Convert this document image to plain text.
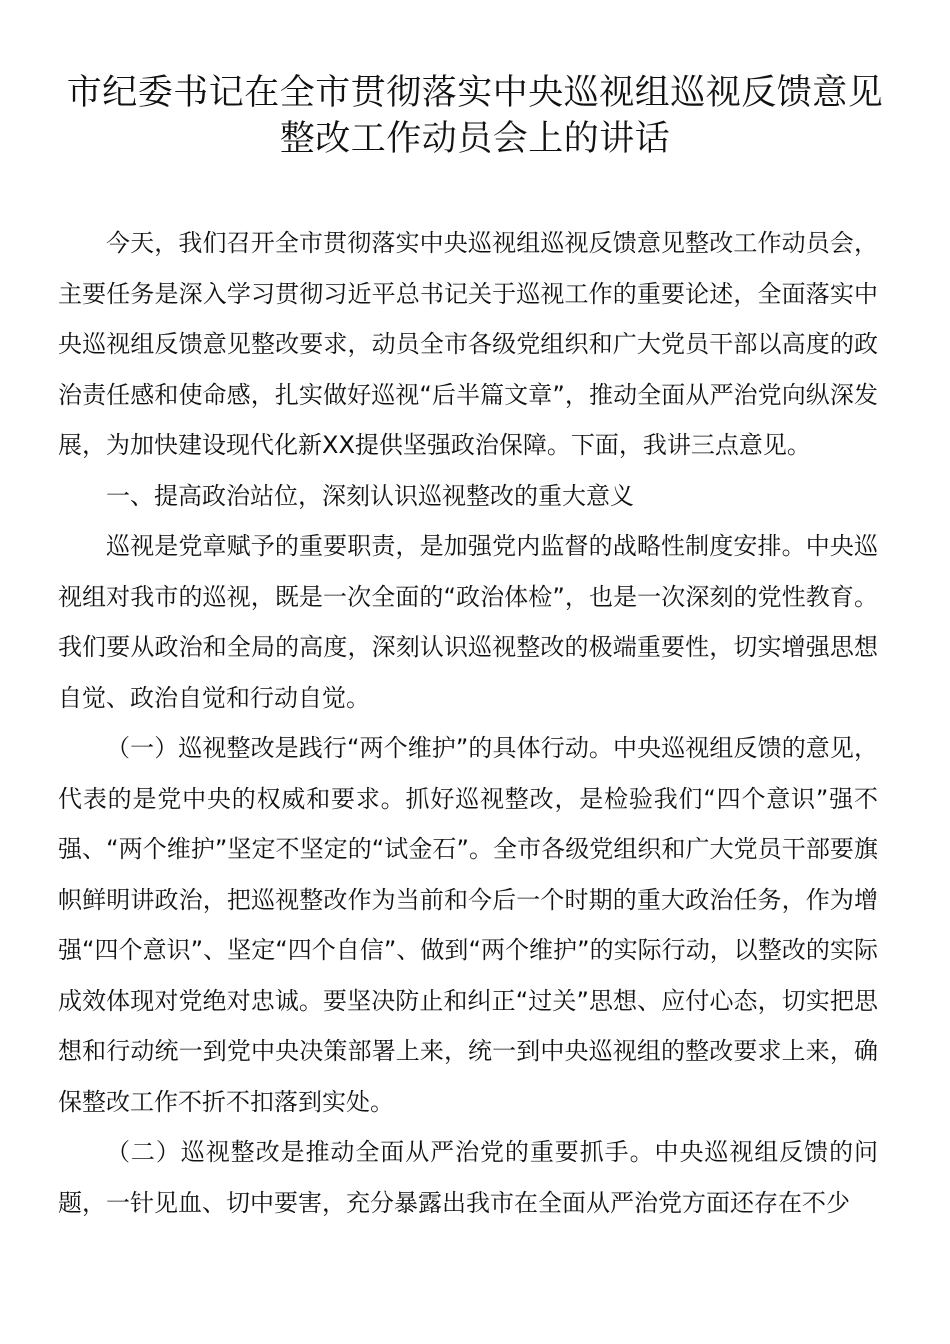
市纪委书记在全市贯彻落实中央巡视组巡视反馈意见
整改工作动员会上的讲话

今天，我们召开全市贯彻落实中央巡视组巡视反馈意见整改工作动员会，主要任务是深入学习贯彻习近平总书记关于巡视工作的重要论述，全面落实中央巡视组反馈意见整改要求，动员全市各级党组织和广大党员干部以高度的政治责任感和使命感，扎实做好巡视“后半篇文章”，推动全面从严治党向纵深发展，为加快建设现代化新XX提供坚强政治保障。下面，我讲三点意见。

一、提高政治站位，深刻认识巡视整改的重大意义

巡视是党章赋予的重要职责，是加强党内监督的战略性制度安排。中央巡视组对我市的巡视，既是一次全面的“政治体检”，也是一次深刻的党性教育。我们要从政治和全局的高度，深刻认识巡视整改的极端重要性，切实增强思想自觉、政治自觉和行动自觉。

（一）巡视整改是践行“两个维护”的具体行动。中央巡视组反馈的意见，代表的是党中央的权威和要求。抓好巡视整改，是检验我们“四个意识”强不强、“两个维护”坚定不坚定的“试金石”。全市各级党组织和广大党员干部要旗帜鲜明讲政治，把巡视整改作为当前和今后一个时期的重大政治任务，作为增强“四个意识”、坚定“四个自信”、做到“两个维护”的实际行动，以整改的实际成效体现对党绝对忠诚。要坚决防止和纠正“过关”思想、应付心态，切实把思想和行动统一到党中央决策部署上来，统一到中央巡视组的整改要求上来，确保整改工作不折不扣落到实处。

（二）巡视整改是推动全面从严治党的重要抓手。中央巡视组反馈的问题，一针见血、切中要害，充分暴露出我市在全面从严治党方面还存在不少
